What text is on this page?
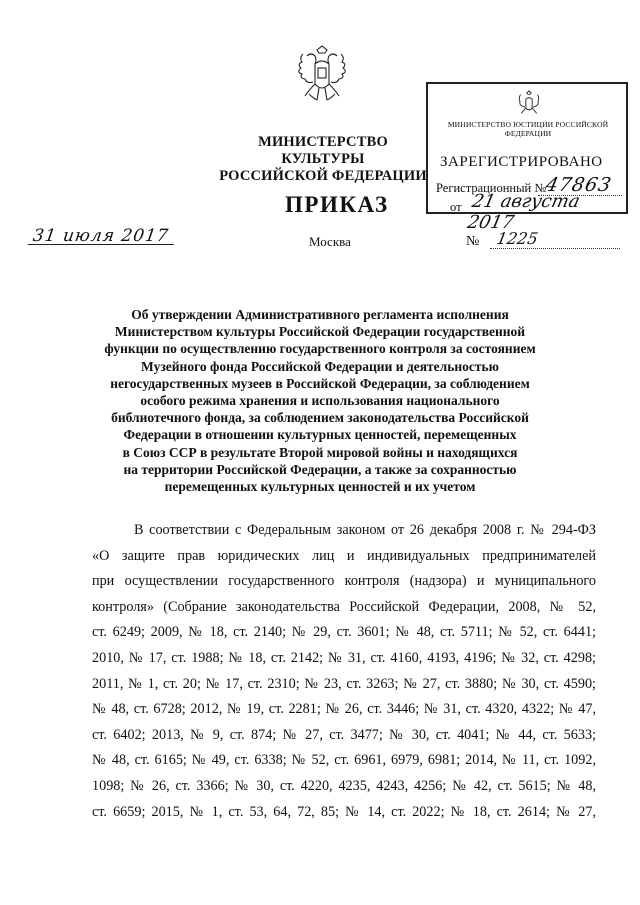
МИНИСТЕРСТВО КУЛЬТУРЫ
РОССИЙСКОЙ ФЕДЕРАЦИИ
ПРИКАЗ
31 июля 2017	Москва	№ 1225
МИНИСТЕРСТВО ЮСТИЦИИ РОССИЙСКОЙ ФЕДЕРАЦИИ
ЗАРЕГИСТРИРОВАНО
Регистрационный №
47863
от 21 августа 2017
Об утверждении Административного регламента исполнения
Министерством культуры Российской Федерации государственной
функции по осуществлению государственного контроля за состоянием
Музейного фонда Российской Федерации и деятельностью
негосударственных музеев в Российской Федерации, за соблюдением
особого режима хранения и использования национального
библиотечного фонда, за соблюдением законодательства Российской
Федерации в отношении культурных ценностей, перемещенных
в Союз ССР в результате Второй мировой войны и находящихся
на территории Российской Федерации, а также за сохранностью
перемещенных культурных ценностей и их учетом
В соответствии с Федеральным законом от 26 декабря 2008 г. № 294-ФЗ
«О защите прав юридических лиц и индивидуальных предпринимателей
при осуществлении государственного контроля (надзора) и муниципального
контроля» (Собрание законодательства Российской Федерации, 2008, № 52,
ст. 6249; 2009, № 18, ст. 2140; № 29, ст. 3601; № 48, ст. 5711; № 52, ст. 6441;
2010, № 17, ст. 1988; № 18, ст. 2142; № 31, ст. 4160, 4193, 4196; № 32, ст. 4298;
2011, № 1, ст. 20; № 17, ст. 2310; № 23, ст. 3263; № 27, ст. 3880; № 30, ст. 4590;
№ 48, ст. 6728; 2012, № 19, ст. 2281; № 26, ст. 3446; № 31, ст. 4320, 4322; № 47,
ст. 6402; 2013, № 9, ст. 874; № 27, ст. 3477; № 30, ст. 4041; № 44, ст. 5633;
№ 48, ст. 6165; № 49, ст. 6338; № 52, ст. 6961, 6979, 6981; 2014, № 11, ст. 1092,
1098; № 26, ст. 3366; № 30, ст. 4220, 4235, 4243, 4256; № 42, ст. 5615; № 48,
ст. 6659; 2015, № 1, ст. 53, 64, 72, 85; № 14, ст. 2022; № 18, ст. 2614; № 27,
